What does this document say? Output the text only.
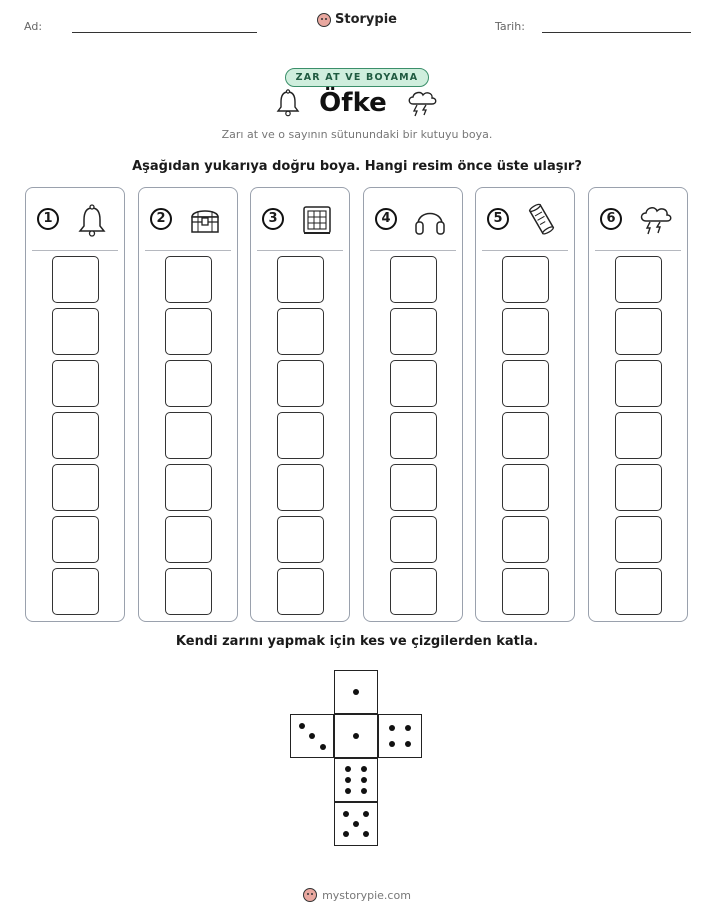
Ad:	Storypie	Tarih:
ZAR AT VE BOYAMA
Öfke
Zarı at ve o sayının sütunundaki bir kutuyu boya.
Aşağıdan yukarıya doğru boya. Hangi resim önce üste ulaşır?
1	2	3	4	5	6
Kendi zarını yapmak için kes ve çizgilerden katla.
mystorypie.com
